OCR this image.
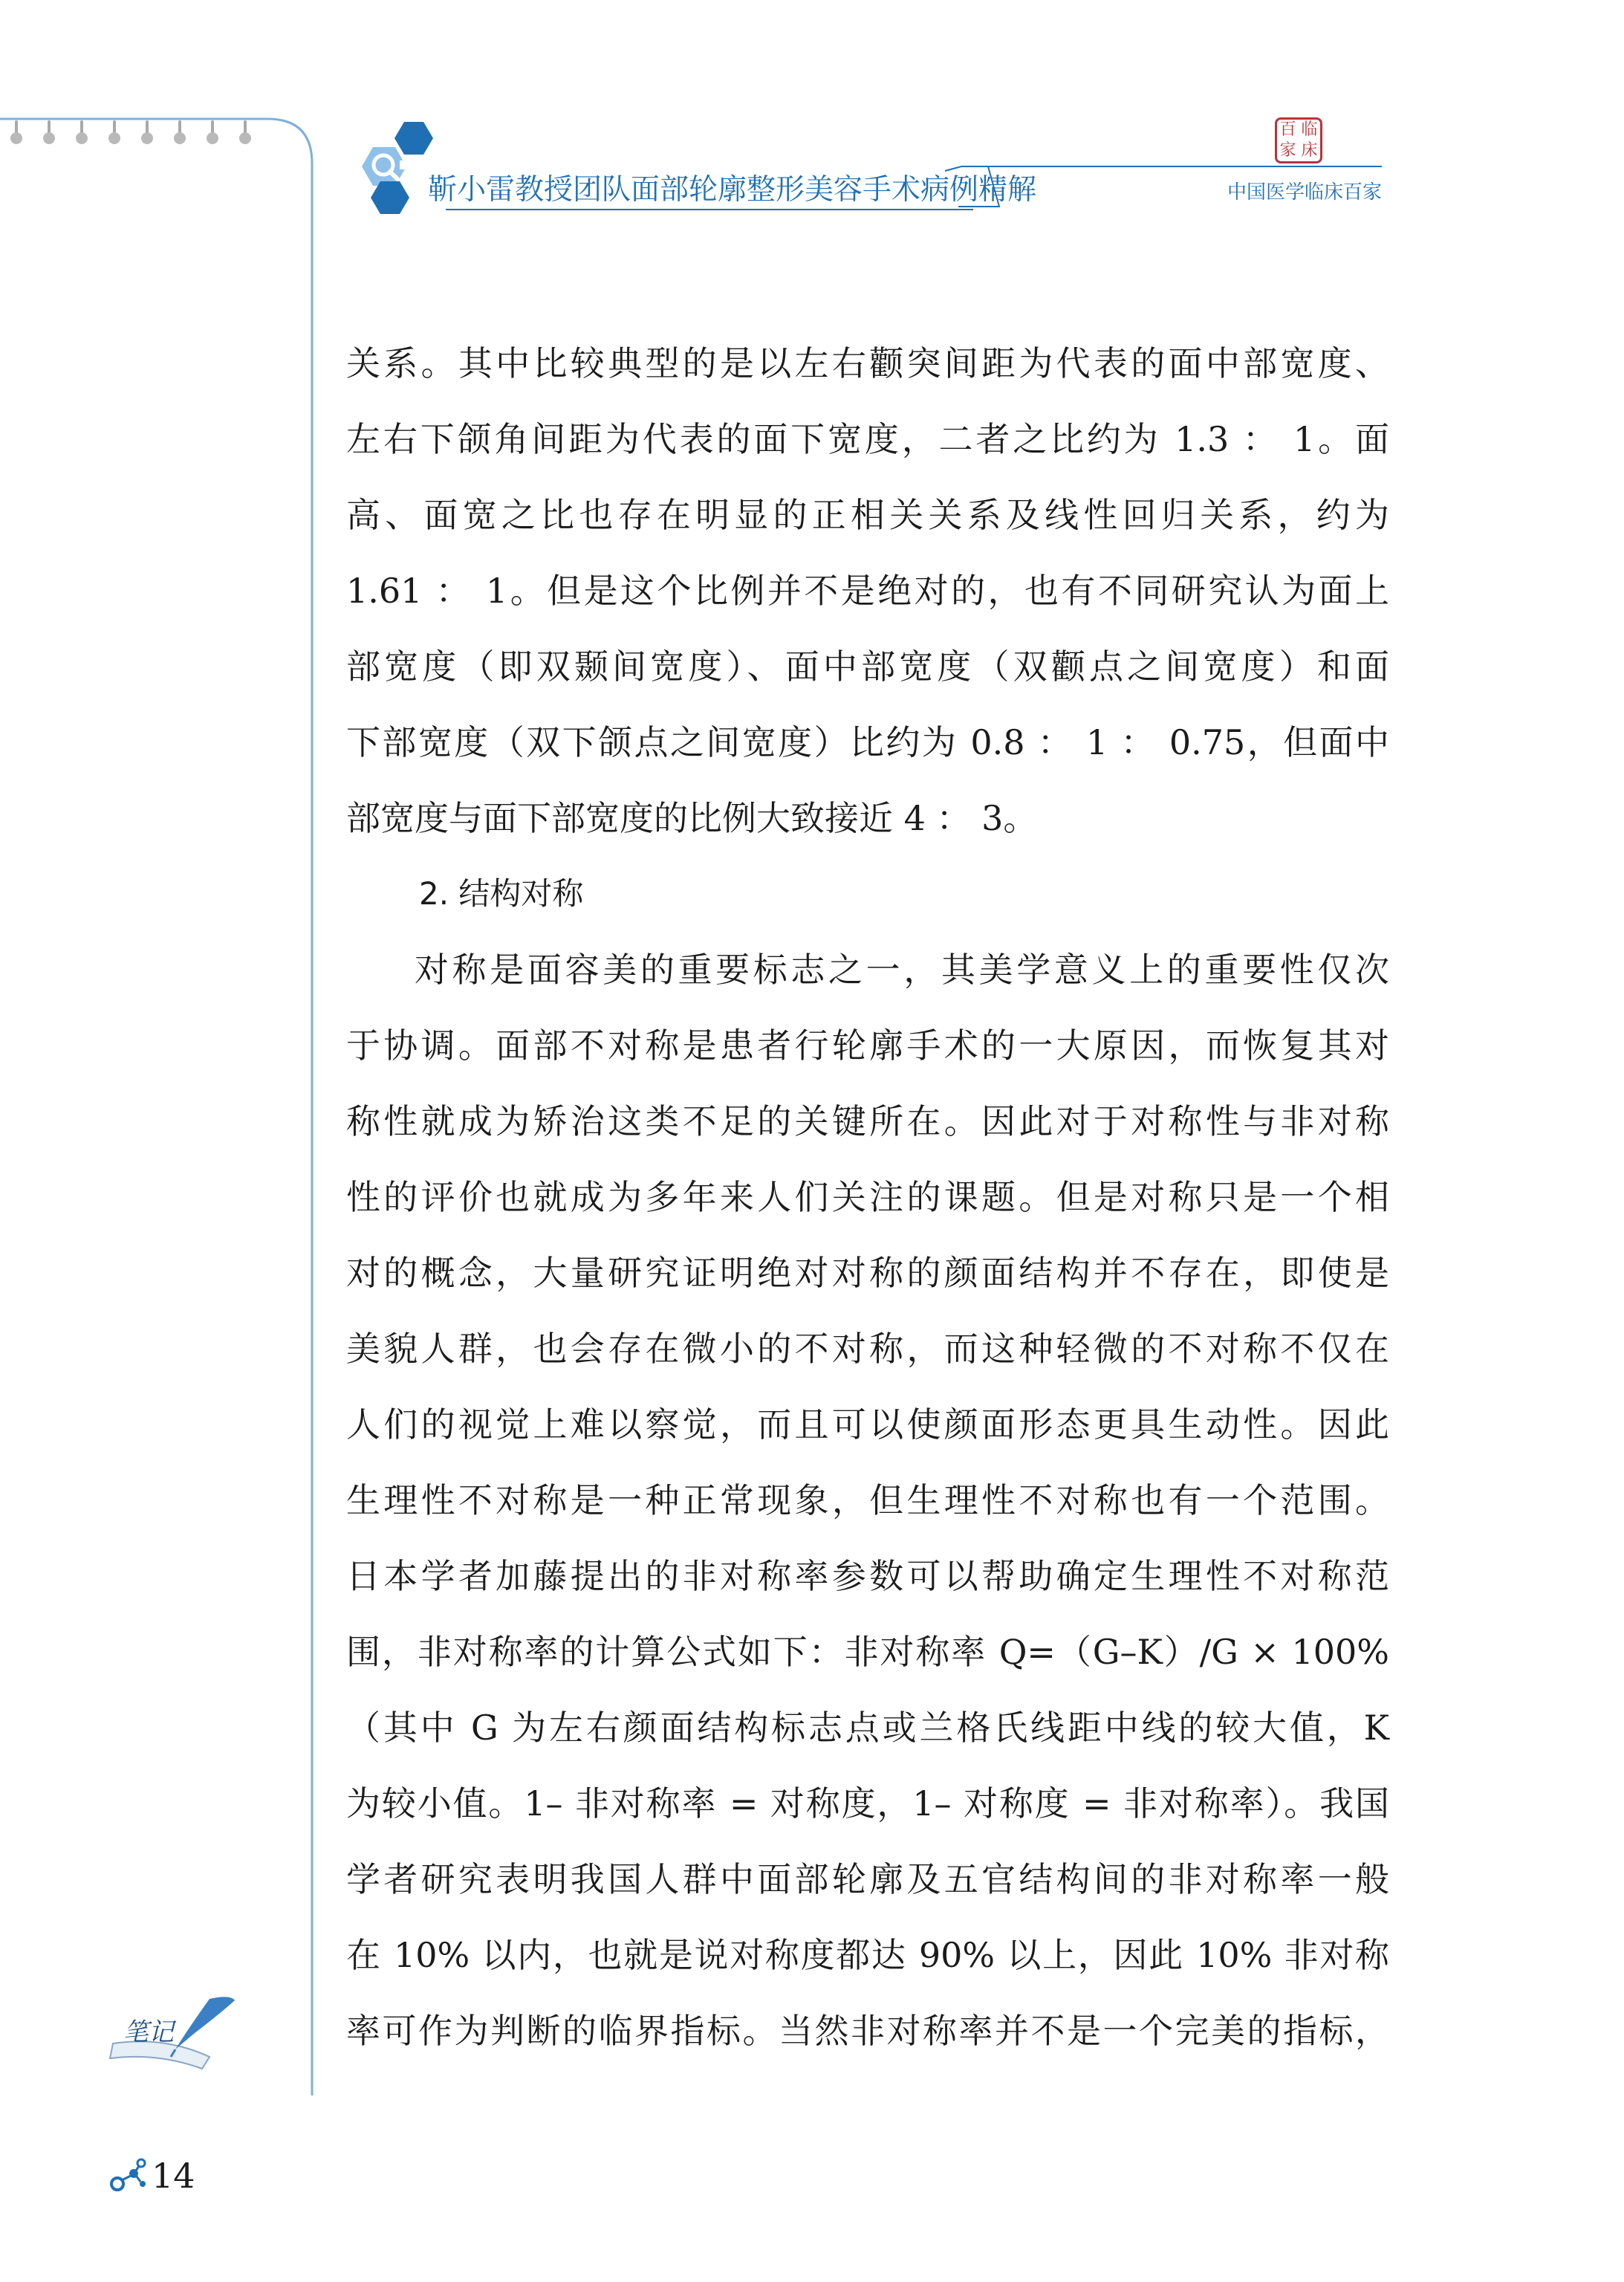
靳小雷教授团队面部轮廓整形美容手术病例精解
百 临
家 床
中国医学临床百家
关系。其中比较典型的是以左右颧突间距为代表的面中部宽度、
左右下颌角间距为代表的面下宽度，二者之比约为 1.3 ： 1。面
高、面宽之比也存在明显的正相关关系及线性回归关系，约为
1.61 ： 1。但是这个比例并不是绝对的，也有不同研究认为面上
部宽度（即双颞间宽度）、面中部宽度（双颧点之间宽度）和面
下部宽度（双下颌点之间宽度）比约为 0.8 ： 1 ： 0.75，但面中
部宽度与面下部宽度的比例大致接近 4 ： 3。
2. 结构对称
对称是面容美的重要标志之一，其美学意义上的重要性仅次
于协调。面部不对称是患者行轮廓手术的一大原因，而恢复其对
称性就成为矫治这类不足的关键所在。因此对于对称性与非对称
性的评价也就成为多年来人们关注的课题。但是对称只是一个相
对的概念，大量研究证明绝对对称的颜面结构并不存在，即使是
美貌人群，也会存在微小的不对称，而这种轻微的不对称不仅在
人们的视觉上难以察觉，而且可以使颜面形态更具生动性。因此
生理性不对称是一种正常现象，但生理性不对称也有一个范围。
日本学者加藤提出的非对称率参数可以帮助确定生理性不对称范
围，非对称率的计算公式如下：非对称率 Q=（G–K）/G × 100%
（其中 G 为左右颜面结构标志点或兰格氏线距中线的较大值，K
为较小值。1– 非对称率 = 对称度，1– 对称度 = 非对称率）。我国
学者研究表明我国人群中面部轮廓及五官结构间的非对称率一般
在 10% 以内，也就是说对称度都达 90% 以上，因此 10% 非对称
率可作为判断的临界指标。当然非对称率并不是一个完美的指标，
笔记
14
